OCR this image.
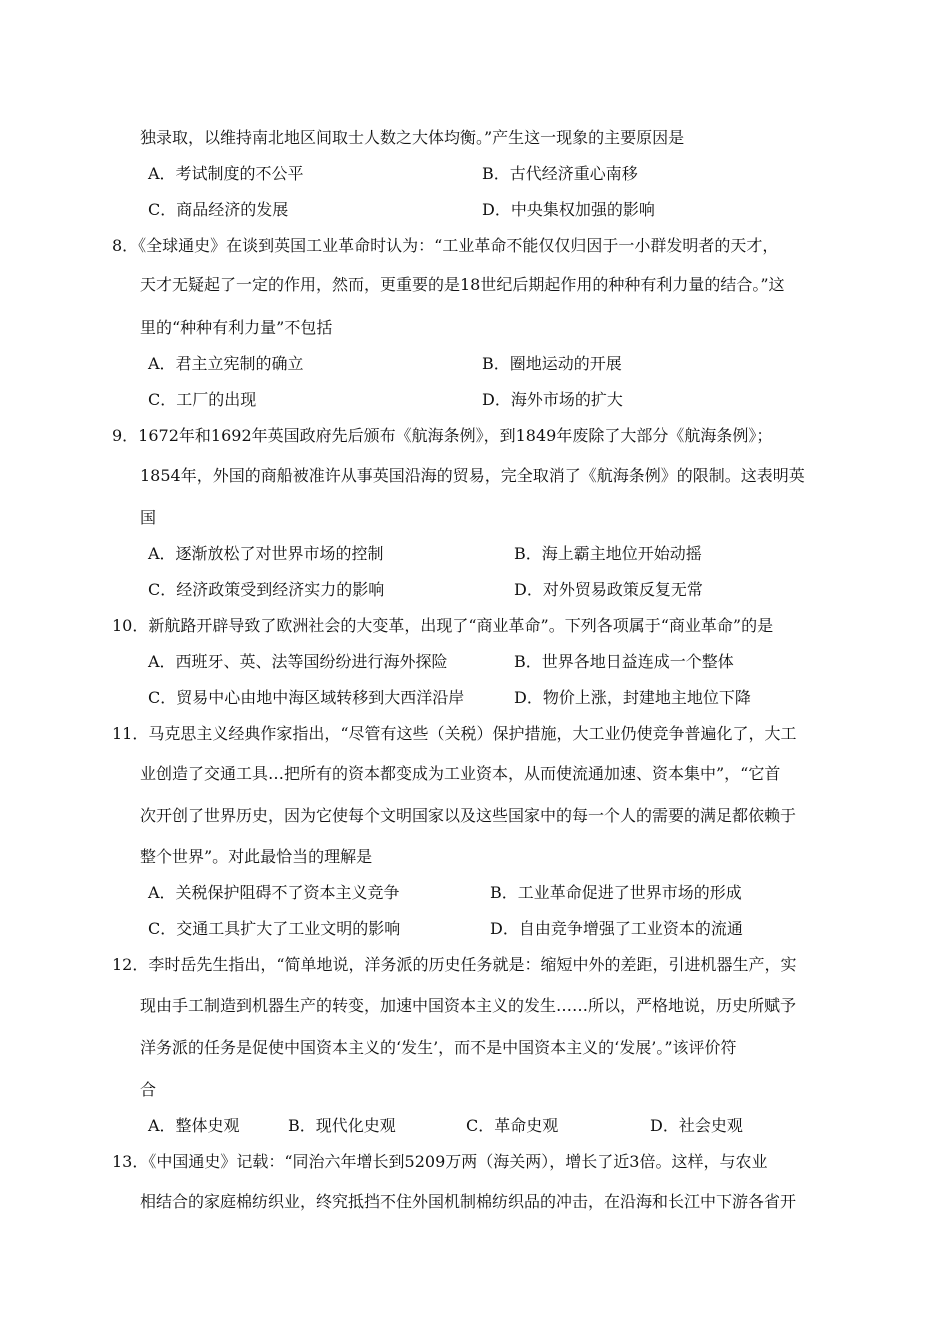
独录取，以维持南北地区间取士人数之大体均衡。”产生这一现象的主要原因是
A．考试制度的不公平	B．古代经济重心南移
C．商品经济的发展	D．中央集权加强的影响
8．《全球通史》在谈到英国工业革命时认为：“工业革命不能仅仅归因于一小群发明者的天才，
天才无疑起了一定的作用，然而，更重要的是18世纪后期起作用的种种有利力量的结合。”这
里的“种种有利力量”不包括
A．君主立宪制的确立	B．圈地运动的开展
C．工厂的出现	D．海外市场的扩大
9．1672年和1692年英国政府先后颁布《航海条例》，到1849年废除了大部分《航海条例》；
1854年，外国的商船被准许从事英国沿海的贸易，完全取消了《航海条例》的限制。这表明英
国
A．逐渐放松了对世界市场的控制	B．海上霸主地位开始动摇
C．经济政策受到经济实力的影响	D．对外贸易政策反复无常
10．新航路开辟导致了欧洲社会的大变革，出现了“商业革命”。下列各项属于“商业革命”的是
A．西班牙、英、法等国纷纷进行海外探险	B．世界各地日益连成一个整体
C．贸易中心由地中海区域转移到大西洋沿岸	D．物价上涨，封建地主地位下降
11．马克思主义经典作家指出，“尽管有这些（关税）保护措施，大工业仍使竞争普遍化了，大工
业创造了交通工具…把所有的资本都变成为工业资本，从而使流通加速、资本集中”，“它首
次开创了世界历史，因为它使每个文明国家以及这些国家中的每一个人的需要的满足都依赖于
整个世界”。对此最恰当的理解是
A．关税保护阻碍不了资本主义竞争	B．工业革命促进了世界市场的形成
C．交通工具扩大了工业文明的影响	D．自由竞争增强了工业资本的流通
12．李时岳先生指出，“简单地说，洋务派的历史任务就是：缩短中外的差距，引进机器生产，实
现由手工制造到机器生产的转变，加速中国资本主义的发生……所以，严格地说，历史所赋予
洋务派的任务是促使中国资本主义的‘发生’，而不是中国资本主义的‘发展’。”该评价符
合
A．整体史观	B．现代化史观	C．革命史观	D．社会史观
13．《中国通史》记载：“同治六年增长到5209万两（海关两），增长了近3倍。这样，与农业
相结合的家庭棉纺织业，终究抵挡不住外国机制棉纺织品的冲击，在沿海和长江中下游各省开
